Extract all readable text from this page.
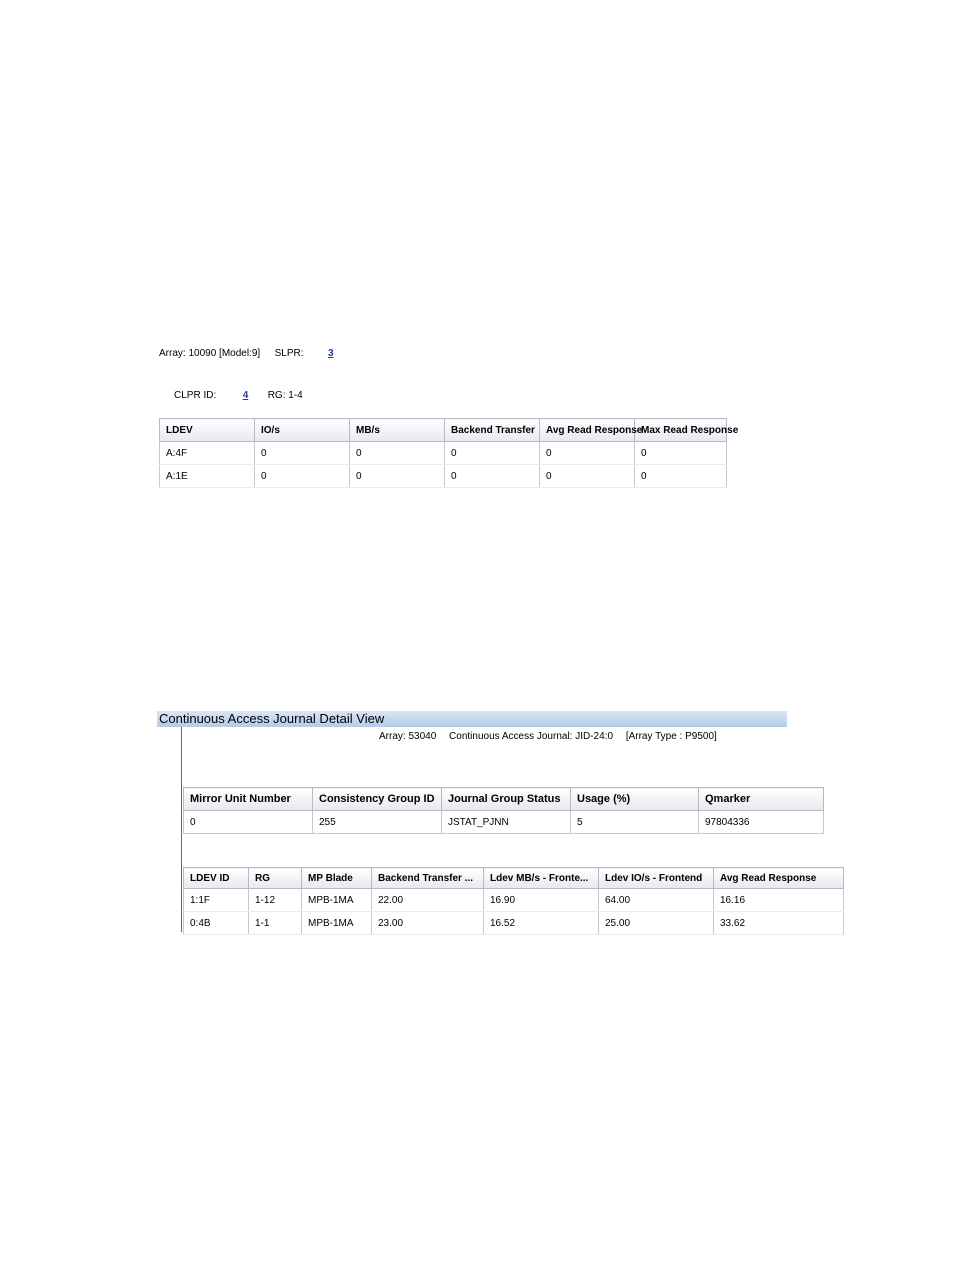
Array: 10090 [Model:9] SLPR: 3
CLPR ID:	4 RG: 1-4
LDEV	IO/s	MB/s	Backend Transfer	Avg Read Response	Max Read Response
A:4F	0	0	0	0	0
A:1E	0	0	0	0	0
Continuous Access Journal Detail View
Array: 53040 Continuous Access Journal: JID-24:0 [Array Type : P9500]
Mirror Unit Number	Consistency Group ID	Journal Group Status	Usage (%)	Qmarker
0	255	JSTAT_PJNN	5	97804336
LDEV ID	RG	MP Blade	Backend Transfer ...	Ldev MB/s - Fronte...	Ldev IO/s - Frontend	Avg Read Response
1:1F	1-12	MPB-1MA	22.00	16.90	64.00	16.16
0:4B	1-1	MPB-1MA	23.00	16.52	25.00	33.62
